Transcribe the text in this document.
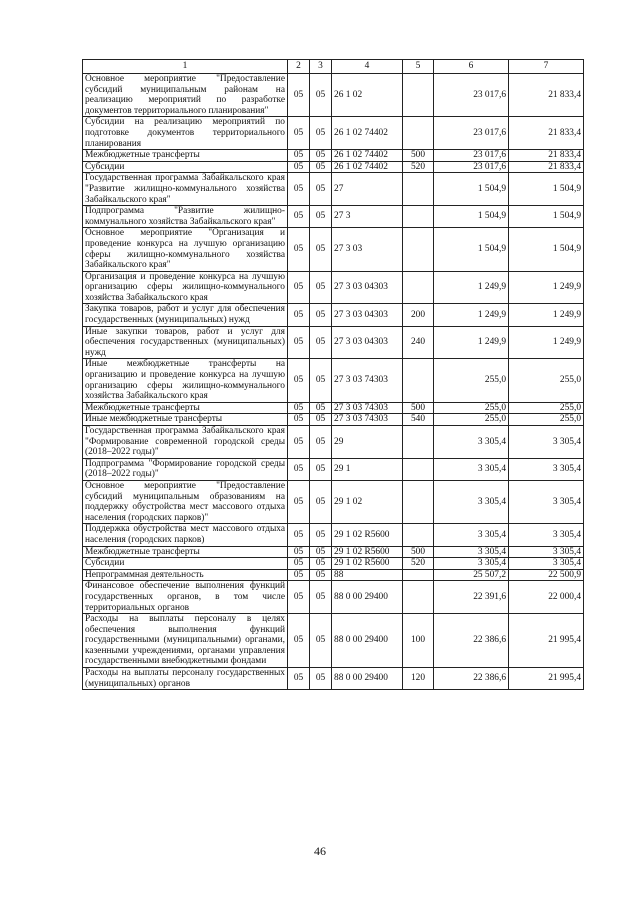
1	2	3	4	5	6	7
Основное мероприятие "Предоставление субсидий муниципальным районам на реализацию мероприятий по разработке документов территориального планирования"	05	05	26 1 02		23 017,6	21 833,4
Субсидии на реализацию мероприятий по подготовке документов территориального планирования	05	05	26 1 02 74402		23 017,6	21 833,4
Межбюджетные трансферты	05	05	26 1 02 74402	500	23 017,6	21 833,4
Субсидии	05	05	26 1 02 74402	520	23 017,6	21 833,4
Государственная программа Забайкальского края "Развитие жилищно-коммунального хозяйства Забайкальского края"	05	05	27		1 504,9	1 504,9
Подпрограмма "Развитие жилищно-коммунального хозяйства Забайкальского края"	05	05	27 3		1 504,9	1 504,9
Основное мероприятие "Организация и проведение конкурса на лучшую организацию сферы жилищно-коммунального хозяйства Забайкальского края"	05	05	27 3 03		1 504,9	1 504,9
Организация и проведение конкурса на лучшую организацию сферы жилищно-коммунального хозяйства Забайкальского края	05	05	27 3 03 04303		1 249,9	1 249,9
Закупка товаров, работ и услуг для обеспечения государственных (муниципальных) нужд	05	05	27 3 03 04303	200	1 249,9	1 249,9
Иные закупки товаров, работ и услуг для обеспечения государственных (муниципальных) нужд	05	05	27 3 03 04303	240	1 249,9	1 249,9
Иные межбюджетные трансферты на организацию и проведение конкурса на лучшую организацию сферы жилищно-коммунального хозяйства Забайкальского края	05	05	27 3 03 74303		255,0	255,0
Межбюджетные трансферты	05	05	27 3 03 74303	500	255,0	255,0
Иные межбюджетные трансферты	05	05	27 3 03 74303	540	255,0	255,0
Государственная программа Забайкальского края "Формирование современной городской среды (2018–2022 годы)"	05	05	29		3 305,4	3 305,4
Подпрограмма "Формирование городской среды (2018–2022 годы)"	05	05	29 1		3 305,4	3 305,4
Основное мероприятие "Предоставление субсидий муниципальным образованиям на поддержку обустройства мест массового отдыха населения (городских парков)"	05	05	29 1 02		3 305,4	3 305,4
Поддержка обустройства мест массового отдыха населения (городских парков)	05	05	29 1 02 R5600		3 305,4	3 305,4
Межбюджетные трансферты	05	05	29 1 02 R5600	500	3 305,4	3 305,4
Субсидии	05	05	29 1 02 R5600	520	3 305,4	3 305,4
Непрограммная деятельность	05	05	88		25 507,2	22 500,9
Финансовое обеспечение выполнения функций государственных органов, в том числе территориальных органов	05	05	88 0 00 29400		22 391,6	22 000,4
Расходы на выплаты персоналу в целях обеспечения выполнения функций государственными (муниципальными) органами, казенными учреждениями, органами управления государственными внебюджетными фондами	05	05	88 0 00 29400	100	22 386,6	21 995,4
Расходы на выплаты персоналу государственных (муниципальных) органов	05	05	88 0 00 29400	120	22 386,6	21 995,4
46
